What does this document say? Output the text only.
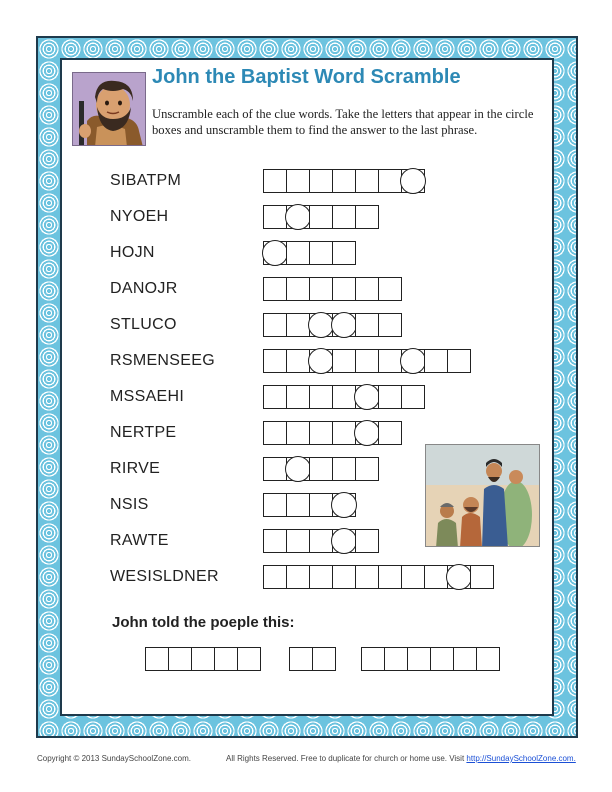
John the Baptist Word Scramble
Unscramble each of the clue words. Take the letters that appear in the circle boxes and unscramble them to find the answer to the last phrase.
SIBATPM
NYOEH
HOJN
DANOJR
STLUCO
RSMENSEEG
MSSAEHI
NERTPE
RIRVE
NSIS
RAWTE
WESISLDNER
John told the poeple this:
Copyright © 2013 SundaySchoolZone.com.	All Rights Reserved. Free to duplicate for church or home use. Visit http://SundaySchoolZone.com.
